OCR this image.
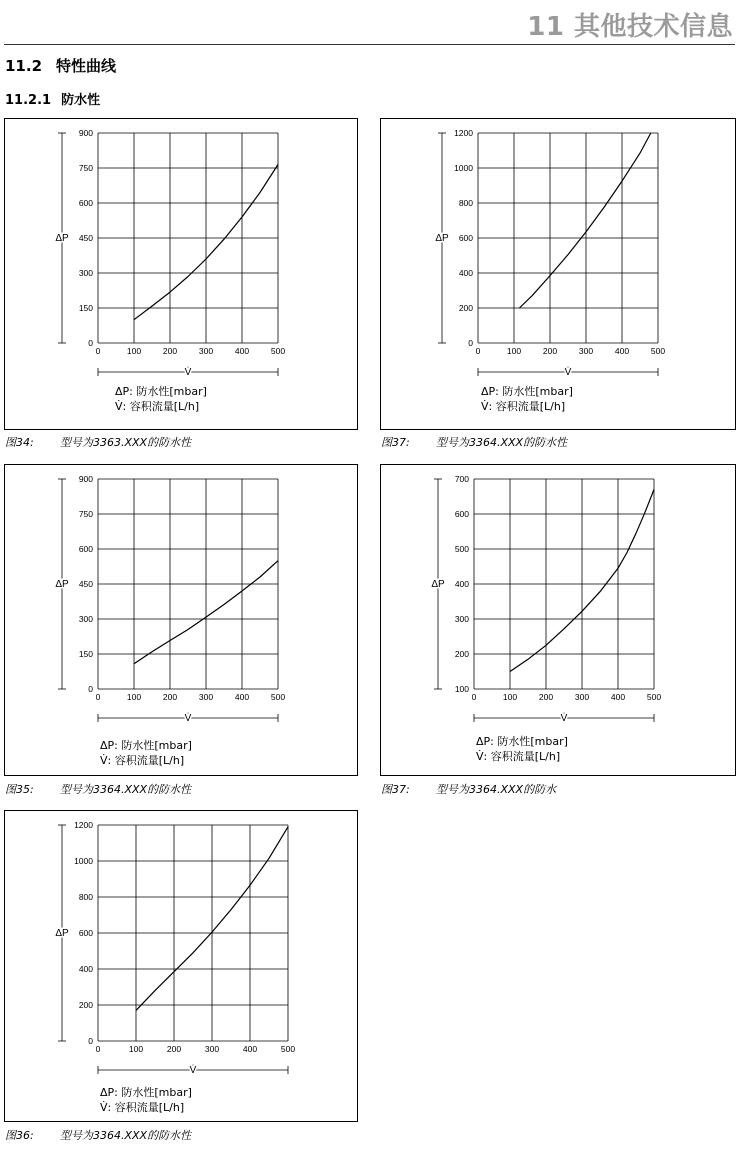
11 其他技术信息
11.2 特性曲线
11.2.1 防水性
0
150
300
450
600
750
900
0	100	200	300	400	500
ΔP
V̇
ΔP: 防水性[mbar]
V̇: 容积流量[L/h]
图34: 型号为3363.XXX的防水性
0
200
400
600
800
1000
1200
0	100	200	300	400	500
ΔP
V̇
ΔP: 防水性[mbar]
V̇: 容积流量[L/h]
图37: 型号为3364.XXX的防水性
0
150
300
450
600
750
900
0	100	200	300	400	500
ΔP
V̇
ΔP: 防水性[mbar]
V̇: 容积流量[L/h]
图35: 型号为3364.XXX的防水性
100
200
300
400
500
600
700
0	100	200	300	400	500
ΔP
V̇
ΔP: 防水性[mbar]
V̇: 容积流量[L/h]
图37: 型号为3364.XXX的防水
0
200
400
600
800
1000
1200
0	100	200	300	400	500
ΔP
V̇
ΔP: 防水性[mbar]
V̇: 容积流量[L/h]
图36: 型号为3364.XXX的防水性
